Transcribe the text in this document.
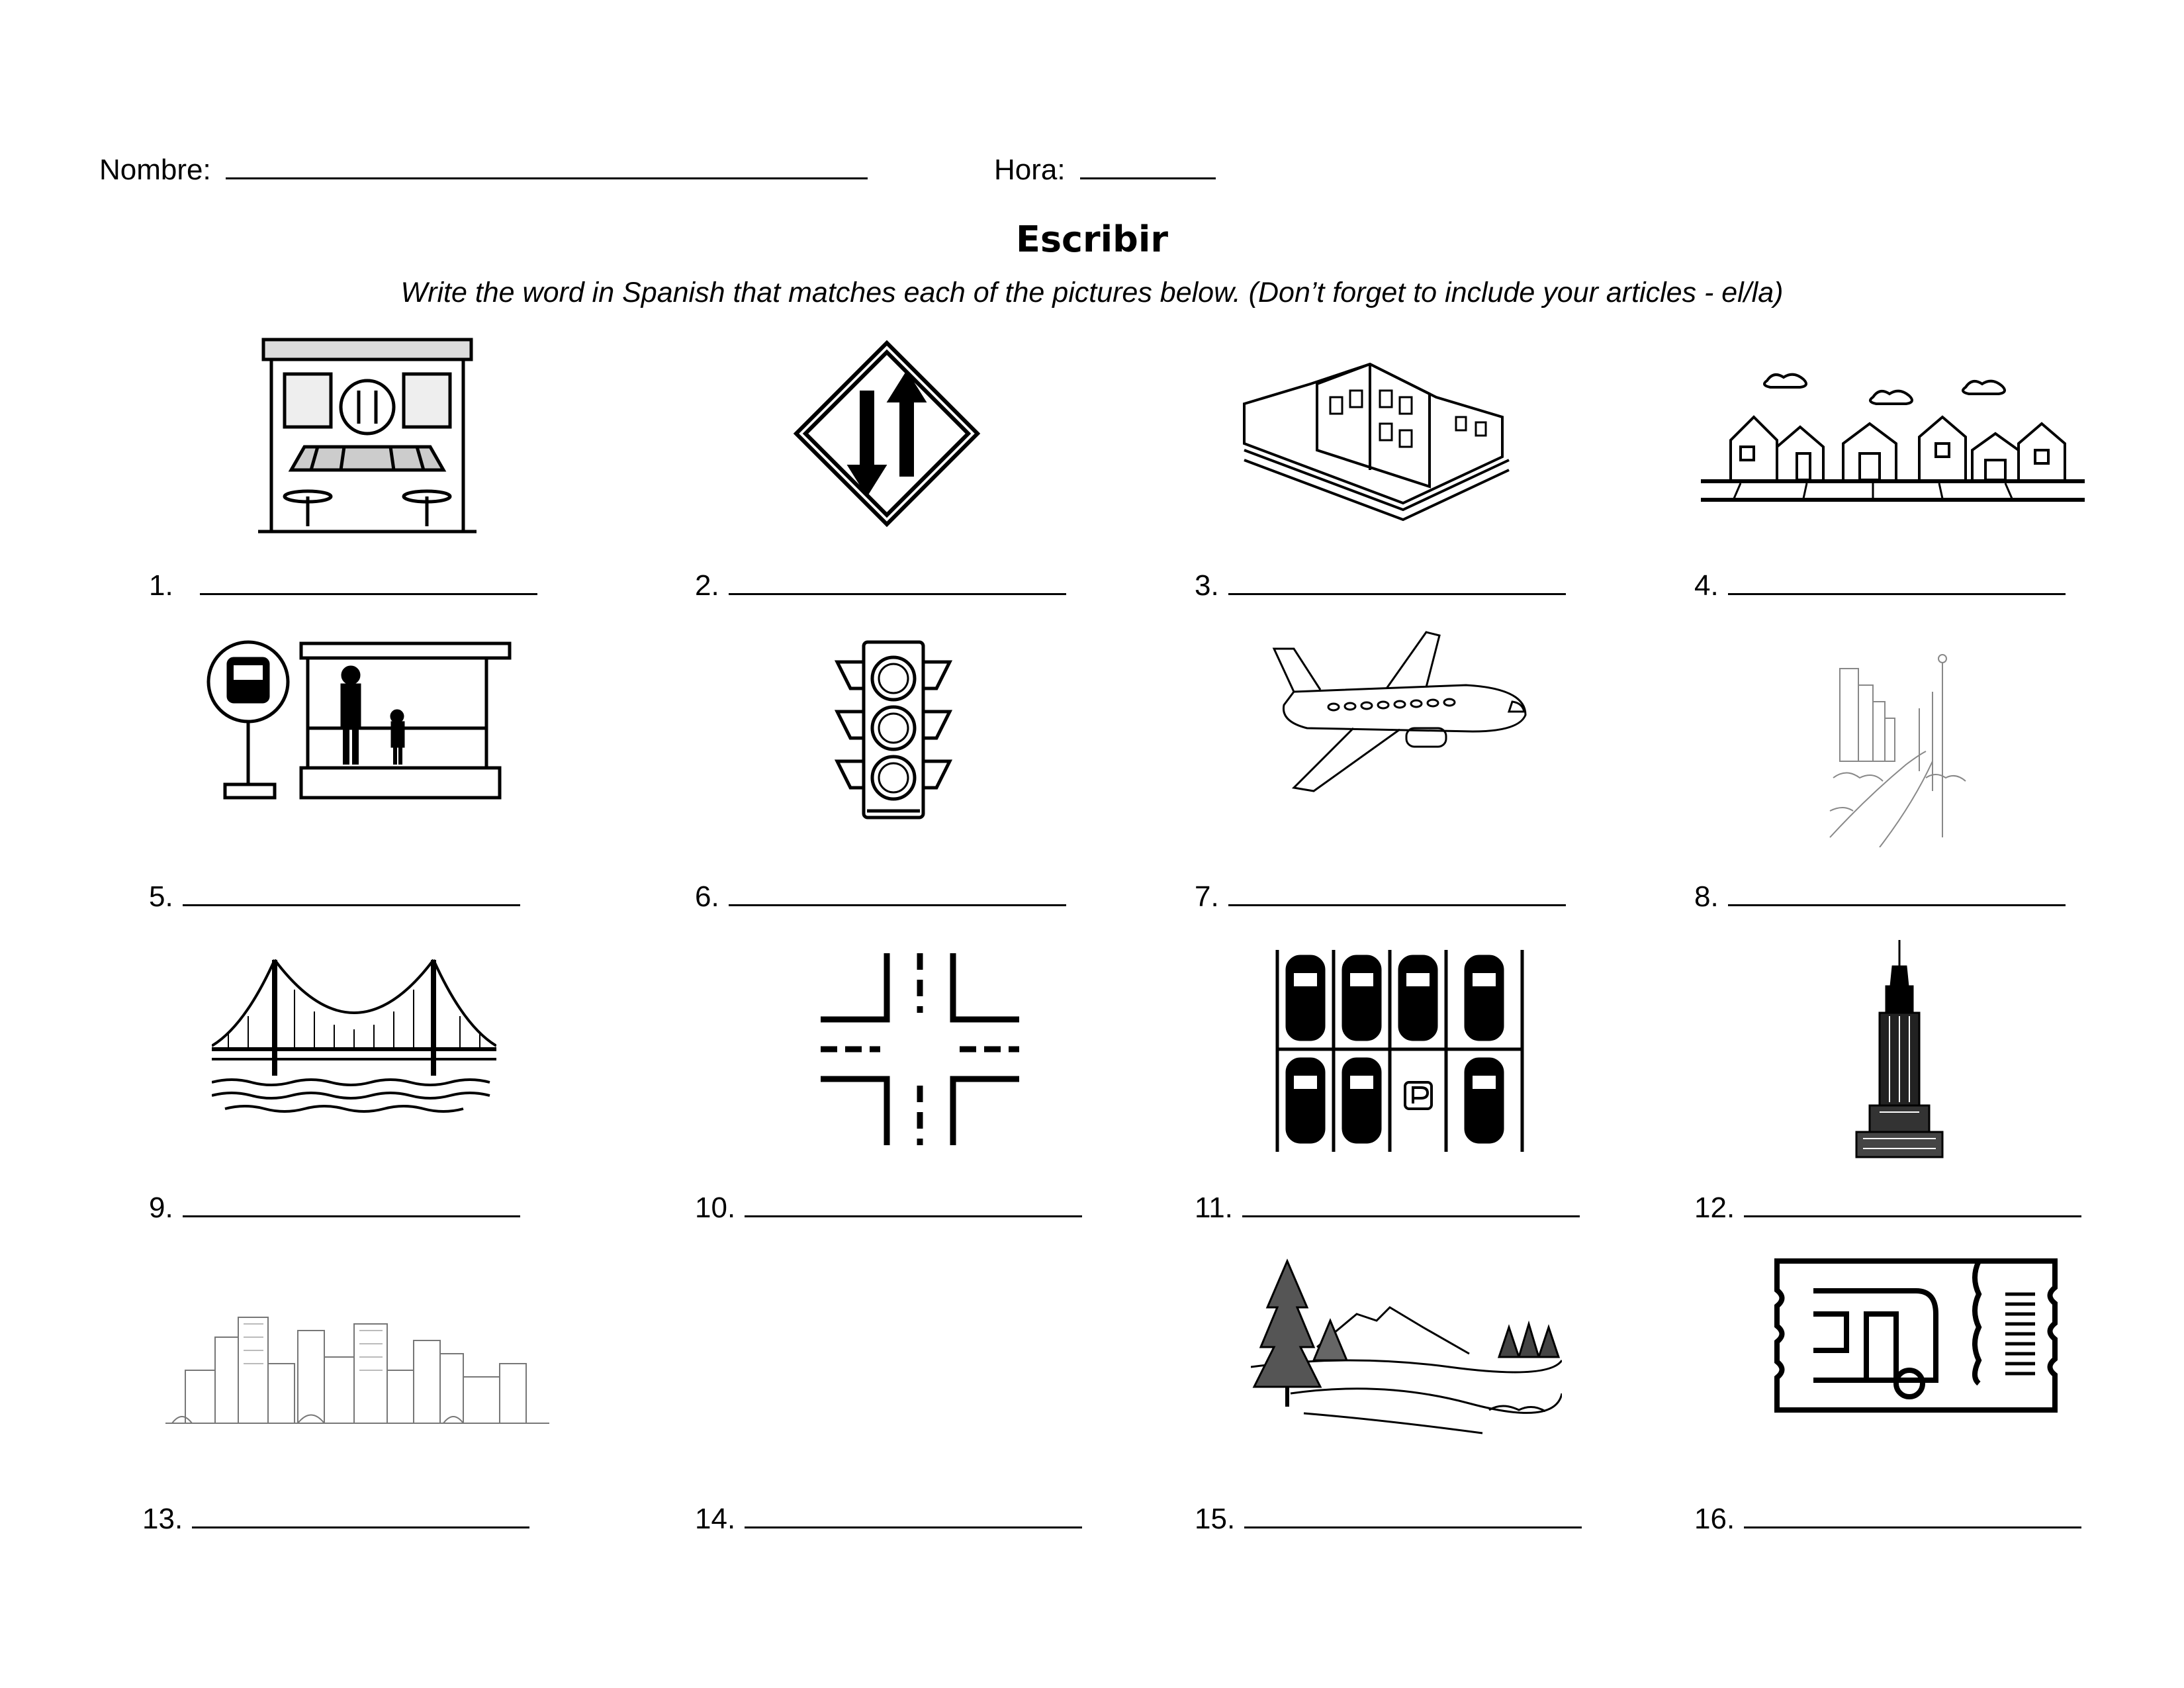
Nombre:	Hora:
Escribir
Write the word in Spanish that matches each of the pictures below. (Don’t forget to include your articles - el/la)
1.	2.	3.	4.
5.	6.	7.	8.
9.	10.	11.	12.
13.	14.	15.	16.
